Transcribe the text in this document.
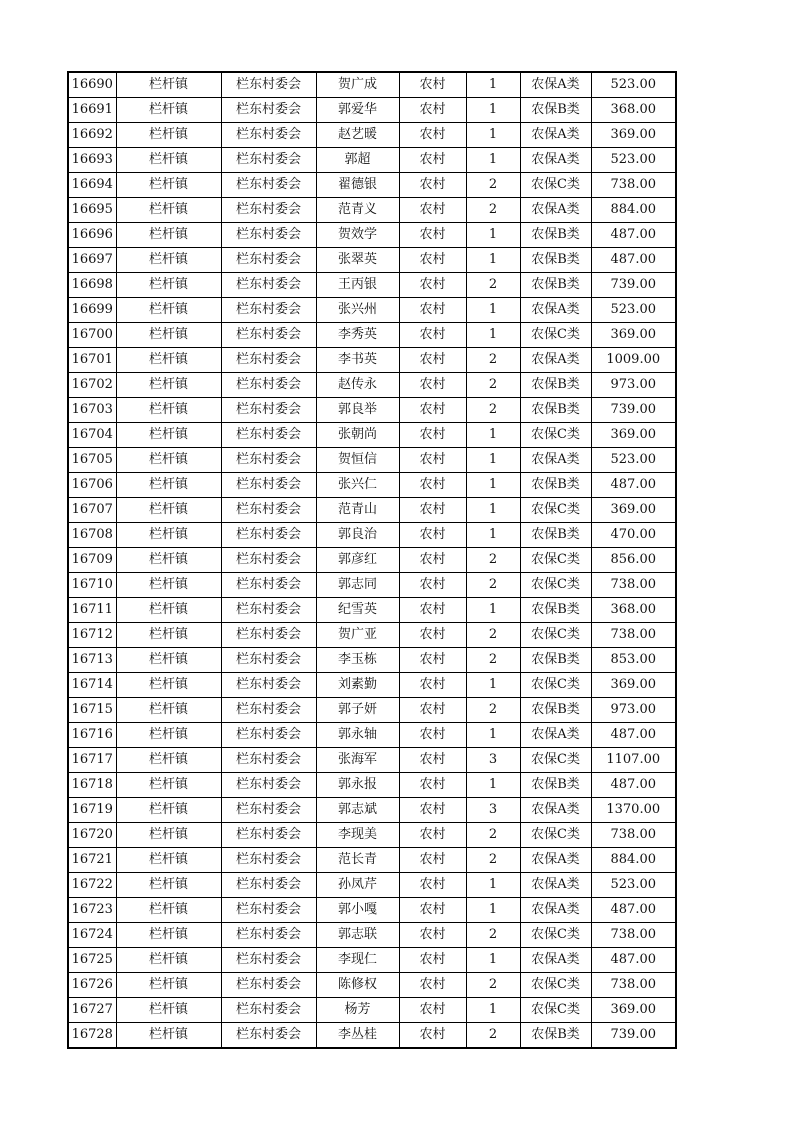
16690	栏杆镇	栏东村委会	贺广成	农村	1	农保A类	523.00
16691	栏杆镇	栏东村委会	郭爱华	农村	1	农保B类	368.00
16692	栏杆镇	栏东村委会	赵艺暖	农村	1	农保A类	369.00
16693	栏杆镇	栏东村委会	郭超	农村	1	农保A类	523.00
16694	栏杆镇	栏东村委会	翟德银	农村	2	农保C类	738.00
16695	栏杆镇	栏东村委会	范青义	农村	2	农保A类	884.00
16696	栏杆镇	栏东村委会	贺效学	农村	1	农保B类	487.00
16697	栏杆镇	栏东村委会	张翠英	农村	1	农保B类	487.00
16698	栏杆镇	栏东村委会	王丙银	农村	2	农保B类	739.00
16699	栏杆镇	栏东村委会	张兴州	农村	1	农保A类	523.00
16700	栏杆镇	栏东村委会	李秀英	农村	1	农保C类	369.00
16701	栏杆镇	栏东村委会	李书英	农村	2	农保A类	1009.00
16702	栏杆镇	栏东村委会	赵传永	农村	2	农保B类	973.00
16703	栏杆镇	栏东村委会	郭良举	农村	2	农保B类	739.00
16704	栏杆镇	栏东村委会	张朝尚	农村	1	农保C类	369.00
16705	栏杆镇	栏东村委会	贺恒信	农村	1	农保A类	523.00
16706	栏杆镇	栏东村委会	张兴仁	农村	1	农保B类	487.00
16707	栏杆镇	栏东村委会	范青山	农村	1	农保C类	369.00
16708	栏杆镇	栏东村委会	郭良治	农村	1	农保B类	470.00
16709	栏杆镇	栏东村委会	郭彦红	农村	2	农保C类	856.00
16710	栏杆镇	栏东村委会	郭志同	农村	2	农保C类	738.00
16711	栏杆镇	栏东村委会	纪雪英	农村	1	农保B类	368.00
16712	栏杆镇	栏东村委会	贺广亚	农村	2	农保C类	738.00
16713	栏杆镇	栏东村委会	李玉栋	农村	2	农保B类	853.00
16714	栏杆镇	栏东村委会	刘素勤	农村	1	农保C类	369.00
16715	栏杆镇	栏东村委会	郭子妍	农村	2	农保B类	973.00
16716	栏杆镇	栏东村委会	郭永轴	农村	1	农保A类	487.00
16717	栏杆镇	栏东村委会	张海军	农村	3	农保C类	1107.00
16718	栏杆镇	栏东村委会	郭永报	农村	1	农保B类	487.00
16719	栏杆镇	栏东村委会	郭志斌	农村	3	农保A类	1370.00
16720	栏杆镇	栏东村委会	李现美	农村	2	农保C类	738.00
16721	栏杆镇	栏东村委会	范长青	农村	2	农保A类	884.00
16722	栏杆镇	栏东村委会	孙凤芹	农村	1	农保A类	523.00
16723	栏杆镇	栏东村委会	郭小嘎	农村	1	农保A类	487.00
16724	栏杆镇	栏东村委会	郭志联	农村	2	农保C类	738.00
16725	栏杆镇	栏东村委会	李现仁	农村	1	农保A类	487.00
16726	栏杆镇	栏东村委会	陈修权	农村	2	农保C类	738.00
16727	栏杆镇	栏东村委会	杨芳	农村	1	农保C类	369.00
16728	栏杆镇	栏东村委会	李丛桂	农村	2	农保B类	739.00
